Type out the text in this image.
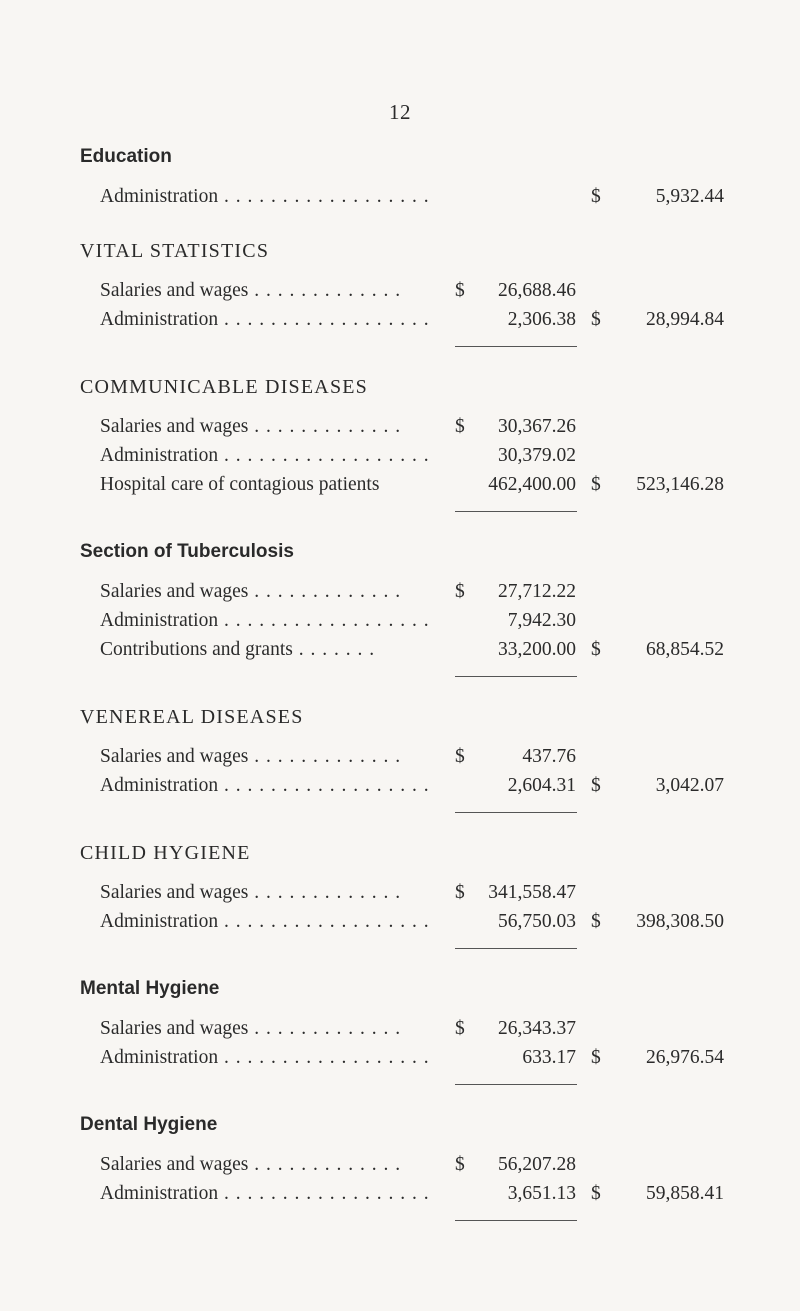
12
Education
Administration . . . . . . . . . . . . . . . . . .	$	5,932.44
VITAL STATISTICS
Salaries and wages . . . . . . . . . . . . .	$ 26,688.46
Administration . . . . . . . . . . . . . . . . . .	2,306.38 $ 28,994.84
COMMUNICABLE DISEASES
Salaries and wages . . . . . . . . . . . . .	$ 30,367.26
Administration . . . . . . . . . . . . . . . . . .	30,379.02
Hospital care of contagious patients	462,400.00 $ 523,146.28
Section of Tuberculosis
Salaries and wages . . . . . . . . . . . . .	$ 27,712.22
Administration . . . . . . . . . . . . . . . . . .	7,942.30
Contributions and grants . . . . . . .	33,200.00 $ 68,854.52
VENEREAL DISEASES
Salaries and wages . . . . . . . . . . . . .	$	437.76
Administration . . . . . . . . . . . . . . . . . .	2,604.31 $	3,042.07
CHILD HYGIENE
Salaries and wages . . . . . . . . . . . . .	$ 341,558.47
Administration . . . . . . . . . . . . . . . . . .	56,750.03 $ 398,308.50
Mental Hygiene
Salaries and wages . . . . . . . . . . . . .	$ 26,343.37
Administration . . . . . . . . . . . . . . . . . .	633.17 $ 26,976.54
Dental Hygiene
Salaries and wages . . . . . . . . . . . . .	$ 56,207.28
Administration . . . . . . . . . . . . . . . . . .	3,651.13 $ 59,858.41
